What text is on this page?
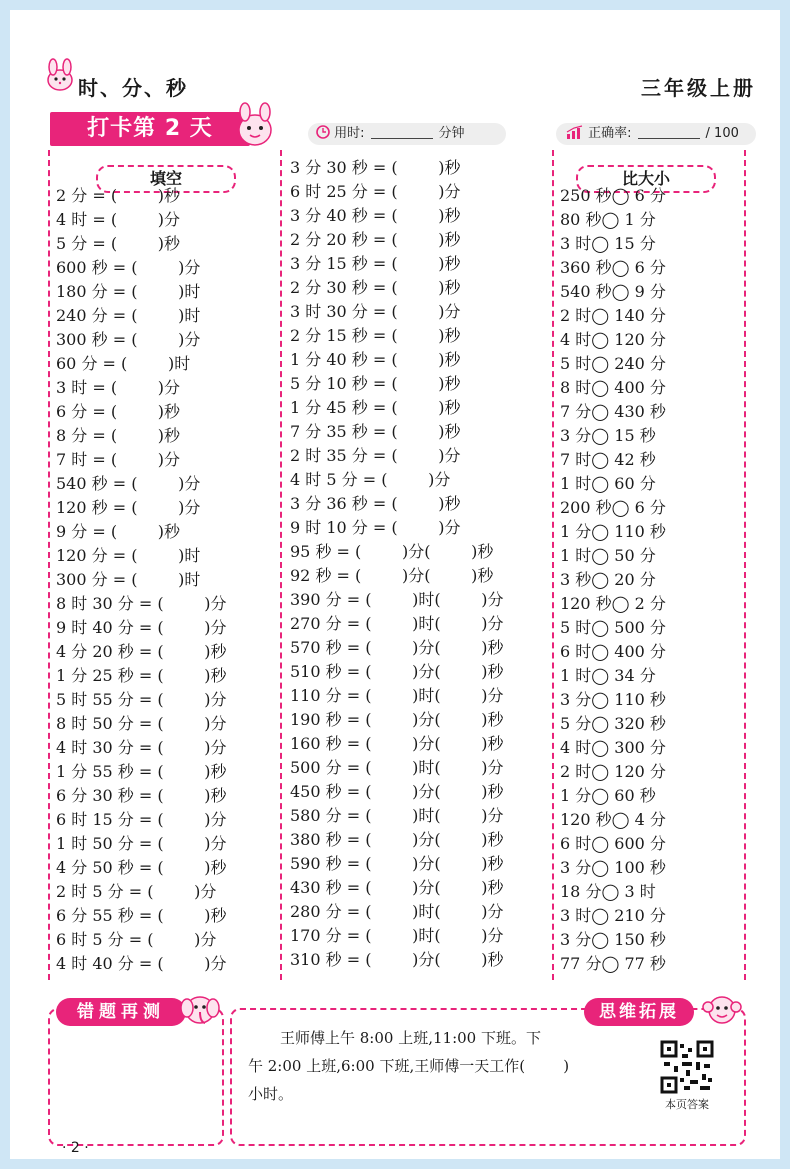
时、分、秒	三年级上册
打卡第 2 天	用时:	分钟	正确率:	/ 100
填空	比大小
2 分 = (        )秒
4 时 = (        )分
5 分 = (        )秒
600 秒 = (        )分
180 分 = (        )时
240 分 = (        )时
300 秒 = (        )分
60 分 = (        )时
3 时 = (        )分
6 分 = (        )秒
8 分 = (        )秒
7 时 = (        )分
540 秒 = (        )分
120 秒 = (        )分
9 分 = (        )秒
120 分 = (        )时
300 分 = (        )时
8 时 30 分 = (        )分
9 时 40 分 = (        )分
4 分 20 秒 = (        )秒
1 分 25 秒 = (        )秒
5 时 55 分 = (        )分
8 时 50 分 = (        )分
4 时 30 分 = (        )分
1 分 55 秒 = (        )秒
6 分 30 秒 = (        )秒
6 时 15 分 = (        )分
1 时 50 分 = (        )分
4 分 50 秒 = (        )秒
2 时 5 分 = (        )分
6 分 55 秒 = (        )秒
6 时 5 分 = (        )分
4 时 40 分 = (        )分
3 分 30 秒 = (        )秒
6 时 25 分 = (        )分
3 分 40 秒 = (        )秒
2 分 20 秒 = (        )秒
3 分 15 秒 = (        )秒
2 分 30 秒 = (        )秒
3 时 30 分 = (        )分
2 分 15 秒 = (        )秒
1 分 40 秒 = (        )秒
5 分 10 秒 = (        )秒
1 分 45 秒 = (        )秒
7 分 35 秒 = (        )秒
2 时 35 分 = (        )分
4 时 5 分 = (        )分
3 分 36 秒 = (        )秒
9 时 10 分 = (        )分
95 秒 = (        )分(        )秒
92 秒 = (        )分(        )秒
390 分 = (        )时(        )分
270 分 = (        )时(        )分
570 秒 = (        )分(        )秒
510 秒 = (        )分(        )秒
110 分 = (        )时(        )分
190 秒 = (        )分(        )秒
160 秒 = (        )分(        )秒
500 分 = (        )时(        )分
450 秒 = (        )分(        )秒
580 分 = (        )时(        )分
380 秒 = (        )分(        )秒
590 秒 = (        )分(        )秒
430 秒 = (        )分(        )秒
280 分 = (        )时(        )分
170 分 = (        )时(        )分
310 秒 = (        )分(        )秒
250 秒◯ 6 分
80 秒◯ 1 分
3 时◯ 15 分
360 秒◯ 6 分
540 秒◯ 9 分
2 时◯ 140 分
4 时◯ 120 分
5 时◯ 240 分
8 时◯ 400 分
7 分◯ 430 秒
3 分◯ 15 秒
7 时◯ 42 秒
1 时◯ 60 分
200 秒◯ 6 分
1 分◯ 110 秒
1 时◯ 50 分
3 秒◯ 20 分
120 秒◯ 2 分
5 时◯ 500 分
6 时◯ 400 分
1 时◯ 34 分
3 分◯ 110 秒
5 分◯ 320 秒
4 时◯ 300 分
2 时◯ 120 分
1 分◯ 60 秒
120 秒◯ 4 分
6 时◯ 600 分
3 分◯ 100 秒
18 分◯ 3 时
3 时◯ 210 分
3 分◯ 150 秒
77 分◯ 77 秒
错题再测	思维拓展
王师傅上午 8:00 上班,11:00 下班。下
午 2:00 上班,6:00 下班,王师傅一天工作(        )
小时。
本页答案
· 2 ·
